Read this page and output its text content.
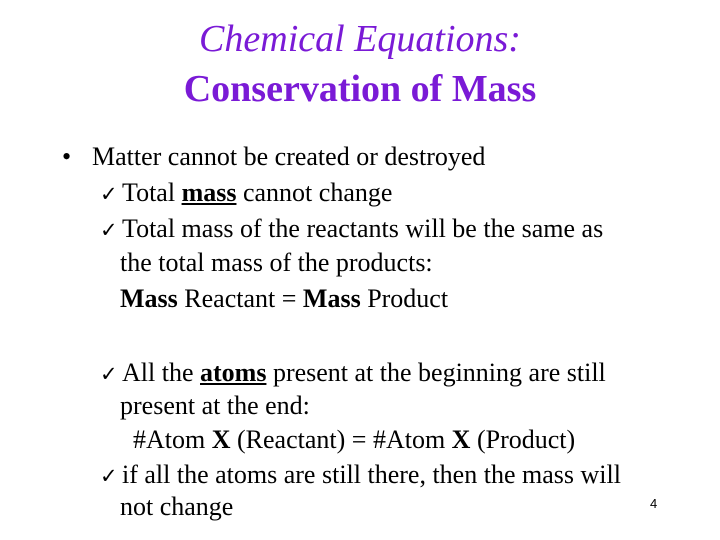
Chemical Equations:
Conservation of Mass
• Matter cannot be created or destroyed
✓ Total mass cannot change
✓ Total mass of the reactants will be the same as
the total mass of the products:
Mass Reactant = Mass Product
✓ All the atoms present at the beginning are still
present at the end:
#Atom X (Reactant) = #Atom X (Product)
✓ if all the atoms are still there, then the mass will
not change	4
